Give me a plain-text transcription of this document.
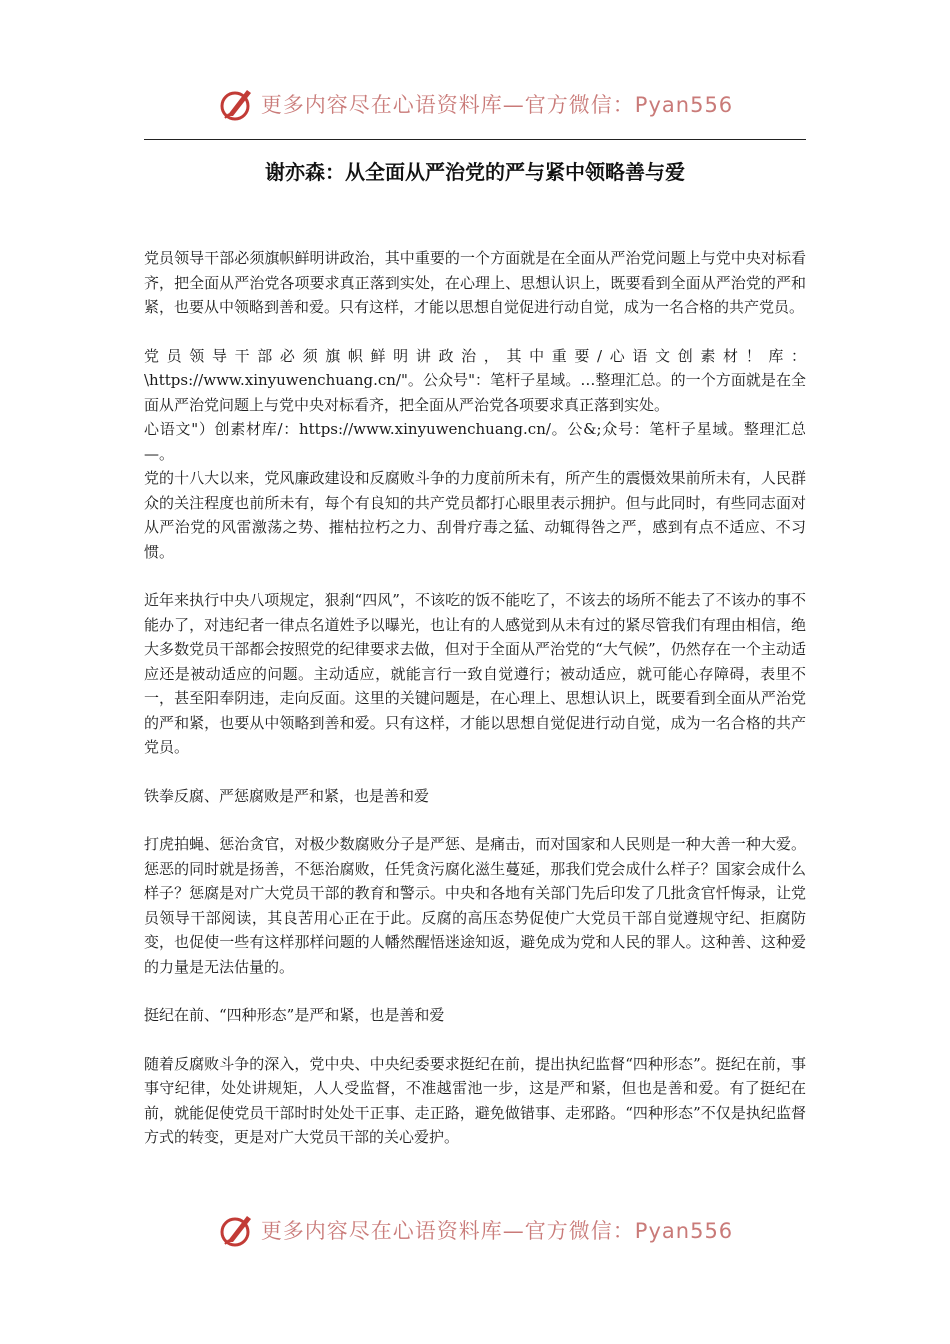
更多内容尽在心语资料库—官方微信：Pyan556
谢亦森：从全面从严治党的严与紧中领略善与爱

党员领导干部必须旗帜鲜明讲政治，其中重要的一个方面就是在全面从严治党问题上与党中央对标看齐，把全面从严治党各项要求真正落到实处，在心理上、思想认识上，既要看到全面从严治党的严和紧，也要从中领略到善和爱。只有这样，才能以思想自觉促进行动自觉，成为一名合格的共产党员。

党员领导干部必须旗帜鲜明讲政治，其中重要/心语文创素材！库：\https://www.xinyuwenchuang.cn/"。公众号"：笔杆子星域。…整理汇总。的一个方面就是在全面从严治党问题上与党中央对标看齐，把全面从严治党各项要求真正落到实处。

心语文"）创素材库/：https://www.xinyuwenchuang.cn/。公&;众号：笔杆子星域。整理汇总—。

党的十八大以来，党风廉政建设和反腐败斗争的力度前所未有，所产生的震慑效果前所未有，人民群众的关注程度也前所未有，每个有良知的共产党员都打心眼里表示拥护。但与此同时，有些同志面对从严治党的风雷激荡之势、摧枯拉朽之力、刮骨疗毒之猛、动辄得咎之严，感到有点不适应、不习惯。

近年来执行中央八项规定，狠刹“四风”，不该吃的饭不能吃了，不该去的场所不能去了不该办的事不能办了，对违纪者一律点名道姓予以曝光，也让有的人感觉到从未有过的紧尽管我们有理由相信，绝大多数党员干部都会按照党的纪律要求去做，但对于全面从严治党的“大气候”，仍然存在一个主动适应还是被动适应的问题。主动适应，就能言行一致自觉遵行；被动适应，就可能心存障碍，表里不一，甚至阳奉阴违，走向反面。这里的关键问题是，在心理上、思想认识上，既要看到全面从严治党的严和紧，也要从中领略到善和爱。只有这样，才能以思想自觉促进行动自觉，成为一名合格的共产党员。

铁拳反腐、严惩腐败是严和紧，也是善和爱

打虎拍蝇、惩治贪官，对极少数腐败分子是严惩、是痛击，而对国家和人民则是一种大善一种大爱。惩恶的同时就是扬善，不惩治腐败，任凭贪污腐化滋生蔓延，那我们党会成什么样子？国家会成什么样子？惩腐是对广大党员干部的教育和警示。中央和各地有关部门先后印发了几批贪官忏悔录，让党员领导干部阅读，其良苦用心正在于此。反腐的高压态势促使广大党员干部自觉遵规守纪、拒腐防变，也促使一些有这样那样问题的人幡然醒悟迷途知返，避免成为党和人民的罪人。这种善、这种爱的力量是无法估量的。

挺纪在前、“四种形态”是严和紧，也是善和爱

随着反腐败斗争的深入，党中央、中央纪委要求挺纪在前，提出执纪监督“四种形态”。挺纪在前，事事守纪律，处处讲规矩，人人受监督，不准越雷池一步，这是严和紧，但也是善和爱。有了挺纪在前，就能促使党员干部时时处处干正事、走正路，避免做错事、走邪路。“四种形态”不仅是执纪监督方式的转变，更是对广大党员干部的关心爱护。

更多内容尽在心语资料库—官方微信：Pyan556
